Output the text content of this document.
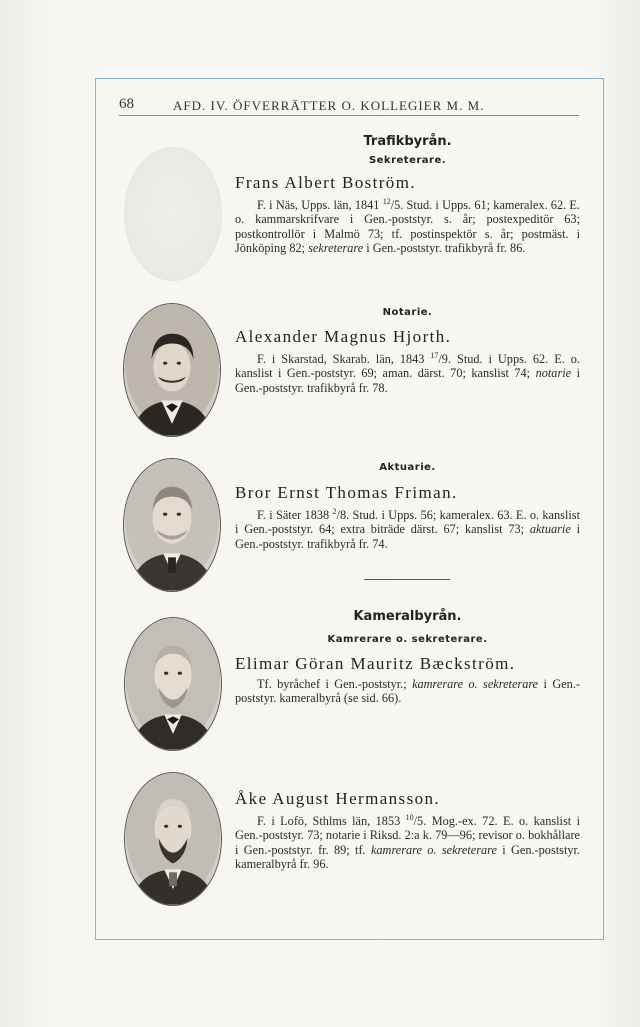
68	AFD. IV. ÖFVERRÄTTER O. KOLLEGIER M. M.
Trafikbyrån.
Sekreterare.
Frans Albert Boström.
F. i Näs, Upps. län, 1841 $^{12}$/5. Stud. i Upps. 61; kameralex. 62. E. o. kammarskrifvare i Gen.-poststyr. s. år; postexpeditör 63; postkontrollör i Malmö 73; tf. postinspektör s. år; postmäst. i Jönköping 82; sekreterare i Gen.-poststyr. trafikbyrå fr. 86.
Notarie.
Alexander Magnus Hjorth.
F. i Skarstad, Skarab. län, 1843 $^{17}$/9. Stud. i Upps. 62. E. o. kanslist i Gen.-poststyr. 69; aman. därst. 70; kanslist 74; notarie i Gen.-poststyr. trafikbyrå fr. 78.
Aktuarie.
Bror Ernst Thomas Friman.
F. i Säter 1838 $^2$/8. Stud. i Upps. 56; kameralex. 63. E. o. kanslist i Gen.-poststyr. 64; extra biträde därst. 67; kanslist 73; aktuarie i Gen.-poststyr. trafikbyrå fr. 74.
Kameralbyrån.
Kamrerare o. sekreterare.
Elimar Göran Mauritz Bæckström.
Tf. byråchef i Gen.-poststyr.; kamrerare o. sekreterare i Gen.-poststyr. kameralbyrå (se sid. 66).
Åke August Hermansson.
F. i Lofö, Sthlms län, 1853 $^{10}$/5. Mog.-ex. 72. E. o. kanslist i Gen.-poststyr. 73; notarie i Riksd. 2:a k. 79—96; revisor o. bokhållare i Gen.-poststyr. fr. 89; tf. kamrerare o. sekreterare i Gen.-poststyr. kameralbyrå fr. 96.
